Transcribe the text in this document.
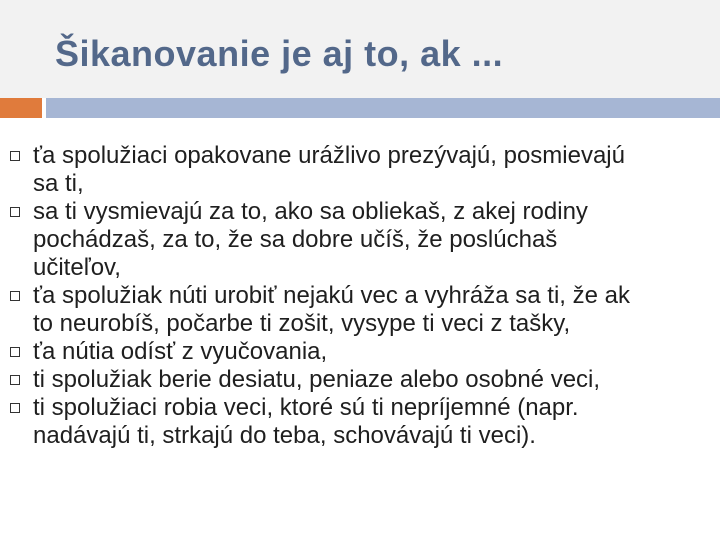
Šikanovanie je aj to, ak ...
ťa spolužiaci opakovane urážlivo prezývajú, posmievajú
sa ti,
sa ti vysmievajú za to, ako sa obliekaš, z akej rodiny
pochádzaš, za to, že sa dobre učíš, že poslúchaš
učiteľov,
ťa spolužiak núti urobiť nejakú vec a vyhráža sa ti, že ak
to neurobíš, počarbe ti zošit, vysype ti veci z tašky,
ťa nútia odísť z vyučovania,
ti spolužiak berie desiatu, peniaze alebo osobné veci,
ti spolužiaci robia veci, ktoré sú ti nepríjemné (napr.
nadávajú ti, strkajú do teba, schovávajú ti veci).
